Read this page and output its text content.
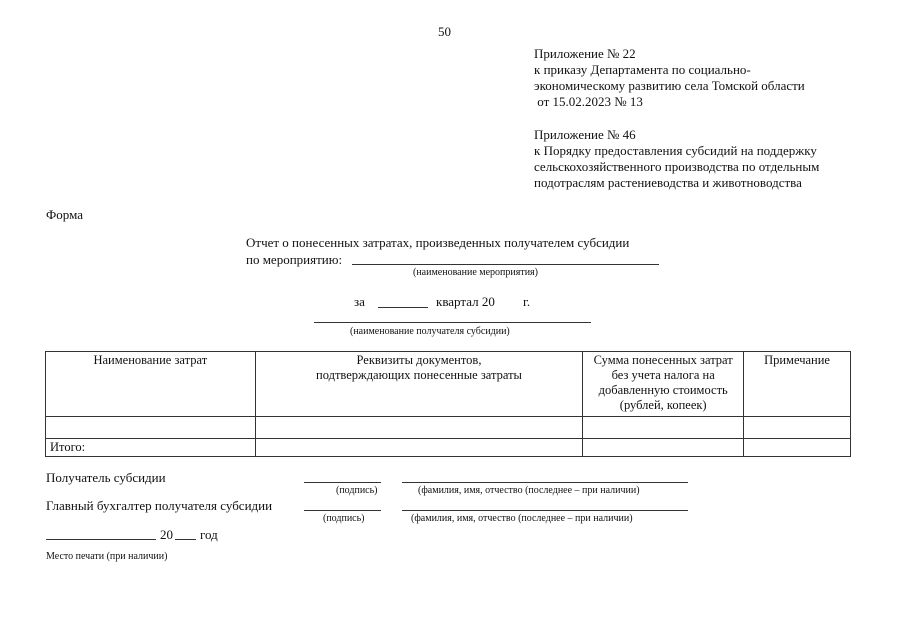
50

Приложение № 22

к приказу Департамента по социально-

экономическому развитию села Томской области

от 15.02.2023 № 13

Приложение № 46

к Порядку предоставления субсидий на поддержку

сельскохозяйственного производства по отдельным

подотраслям растениеводства и животноводства

Форма
Отчет о понесенных затратах, произведенных получателем субсидии
по мероприятию:
(наименование мероприятия)
за	квартал 20 г.
(наименование получателя субсидии)
Наименование затрат	Реквизиты документов, подтверждающих понесенные затраты	Сумма понесенных затрат без учета налога на добавленную стоимость (рублей, копеек)	Примечание

Итого:			
Получатель субсидии
(подпись)	(фамилия, имя, отчество (последнее – при наличии)
Главный бухгалтер получателя субсидии
(подпись)	(фамилия, имя, отчество (последнее – при наличии)
20 год
Место печати (при наличии)
